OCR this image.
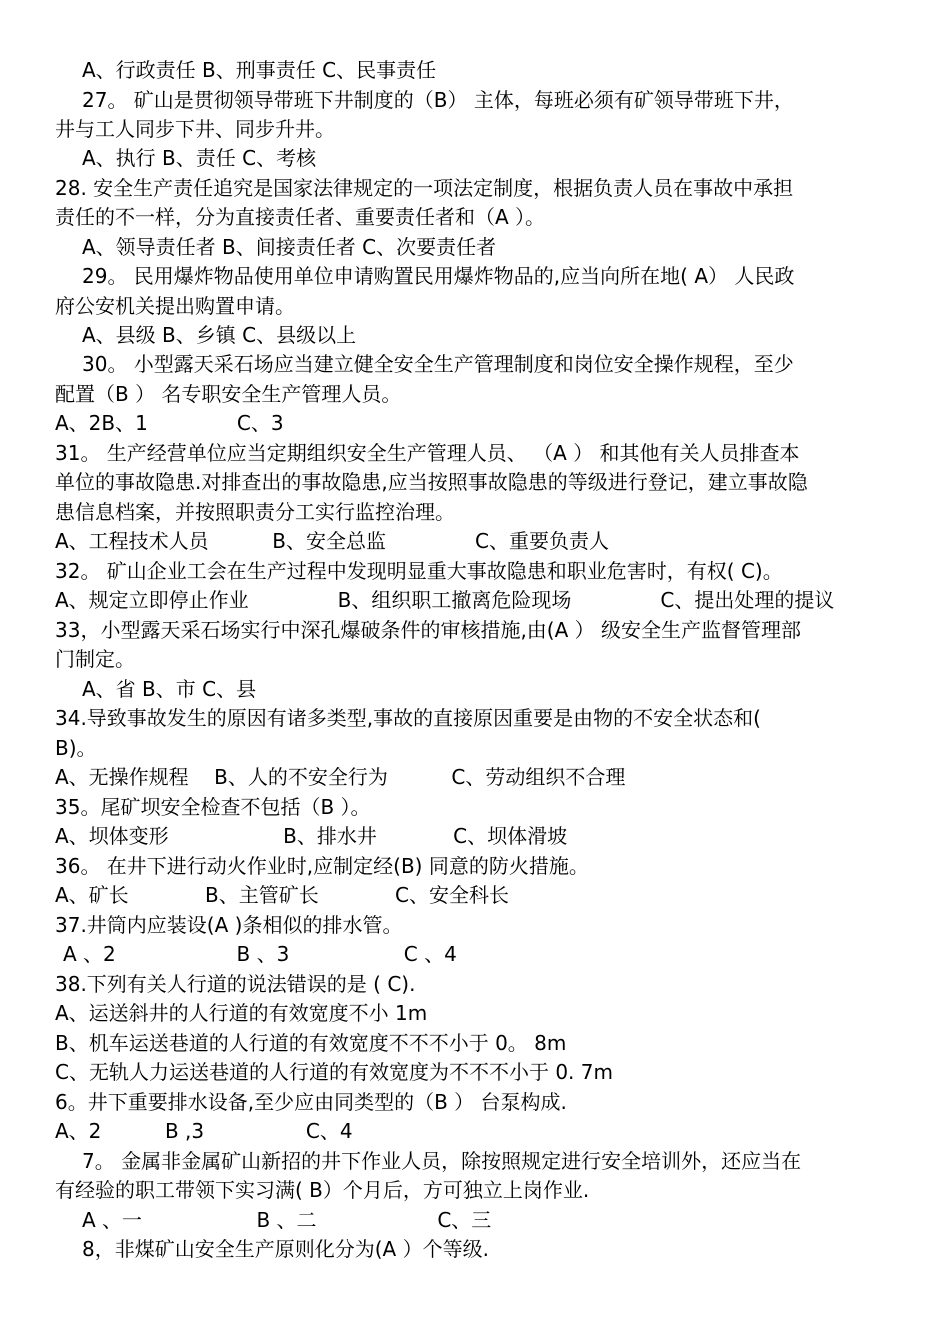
A、行政责任 B、刑事责任 C、民事责任
27。 矿山是贯彻领导带班下井制度的（B） 主体，每班必须有矿领导带班下井，
井与工人同步下井、同步升井。
A、执行 B、责任 C、考核
28. 安全生产责任追究是国家法律规定的一项法定制度，根据负责人员在事故中承担
责任的不一样，分为直接责任者、重要责任者和（A ）。
A、领导责任者 B、间接责任者 C、次要责任者
29。 民用爆炸物品使用单位申请购置民用爆炸物品的,应当向所在地( A） 人民政
府公安机关提出购置申请。
A、县级 B、乡镇 C、县级以上
30。 小型露天采石场应当建立健全安全生产管理制度和岗位安全操作规程，至少
配置（B ） 名专职安全生产管理人员。
A、2B、1              C、3
31。 生产经营单位应当定期组织安全生产管理人员、 （A ） 和其他有关人员排查本
单位的事故隐患.对排查出的事故隐患,应当按照事故隐患的等级进行登记，建立事故隐
患信息档案，并按照职责分工实行监控治理。
A、工程技术人员          B、安全总监              C、重要负责人
32。 矿山企业工会在生产过程中发现明显重大事故隐患和职业危害时，有权( C)。
A、规定立即停止作业              B、组织职工撤离危险现场              C、提出处理的提议
33，小型露天采石场实行中深孔爆破条件的审核措施,由(A ） 级安全生产监督管理部
门制定。
A、省 B、市 C、县
34.导致事故发生的原因有诸多类型,事故的直接原因重要是由物的不安全状态和(
B)。
A、无操作规程    B、人的不安全行为          C、劳动组织不合理
35。尾矿坝安全检查不包括（B ）。
A、坝体变形                  B、排水井            C、坝体滑坡
36。 在井下进行动火作业时,应制定经(B) 同意的防火措施。
A、矿长            B、主管矿长            C、安全科长
37.井筒内应装设(A )条相似的排水管。
A 、2                   B 、3                  C 、4
38.下列有关人行道的说法错误的是 ( C).
A、运送斜井的人行道的有效宽度不小 1m
B、机车运送巷道的人行道的有效宽度不不不小于 0。 8m
C、无轨人力运送巷道的人行道的有效宽度为不不不小于 0. 7m
6。井下重要排水设备,至少应由同类型的（B ） 台泵构成.
A、2          B ,3                C、4
7。 金属非金属矿山新招的井下作业人员，除按照规定进行安全培训外，还应当在
有经验的职工带领下实习满( B）个月后，方可独立上岗作业.
A 、一                  B 、二                   C、三
8，非煤矿山安全生产原则化分为(A ）个等级.
